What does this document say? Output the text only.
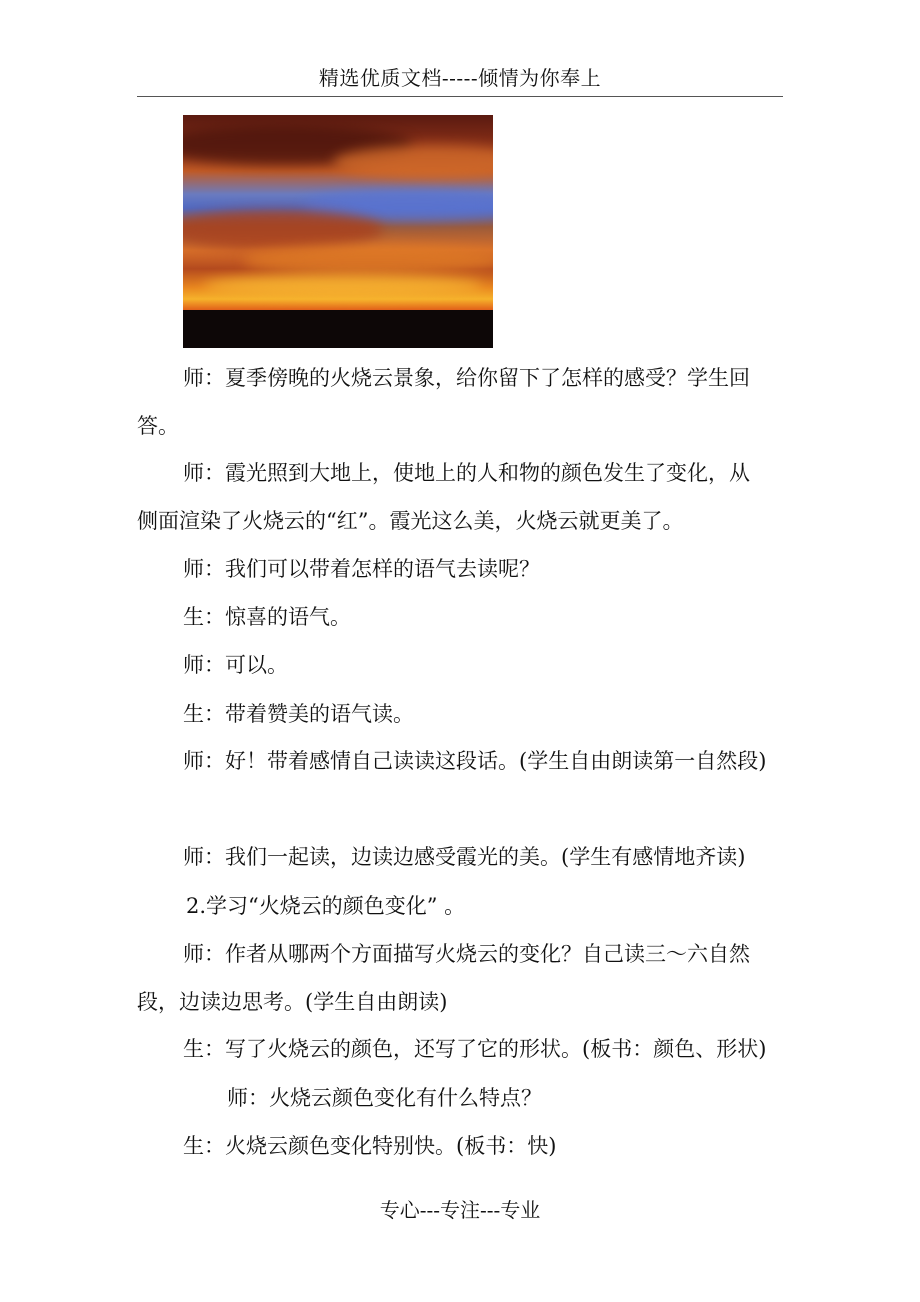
精选优质文档-----倾情为你奉上
师：夏季傍晚的火烧云景象，给你留下了怎样的感受？学生回
答。
师：霞光照到大地上，使地上的人和物的颜色发生了变化，从
侧面渲染了火烧云的“红”。霞光这么美，火烧云就更美了。
师：我们可以带着怎样的语气去读呢？
生：惊喜的语气。
师：可以。
生：带着赞美的语气读。
师：好！带着感情自己读读这段话。(学生自由朗读第一自然段)
师：我们一起读，边读边感受霞光的美。(学生有感情地齐读)
2.学习“火烧云的颜色变化” 。
师：作者从哪两个方面描写火烧云的变化？自己读三～六自然
段，边读边思考。(学生自由朗读)
生：写了火烧云的颜色，还写了它的形状。(板书：颜色、形状)
师：火烧云颜色变化有什么特点？
生：火烧云颜色变化特别快。(板书：快)
专心---专注---专业
